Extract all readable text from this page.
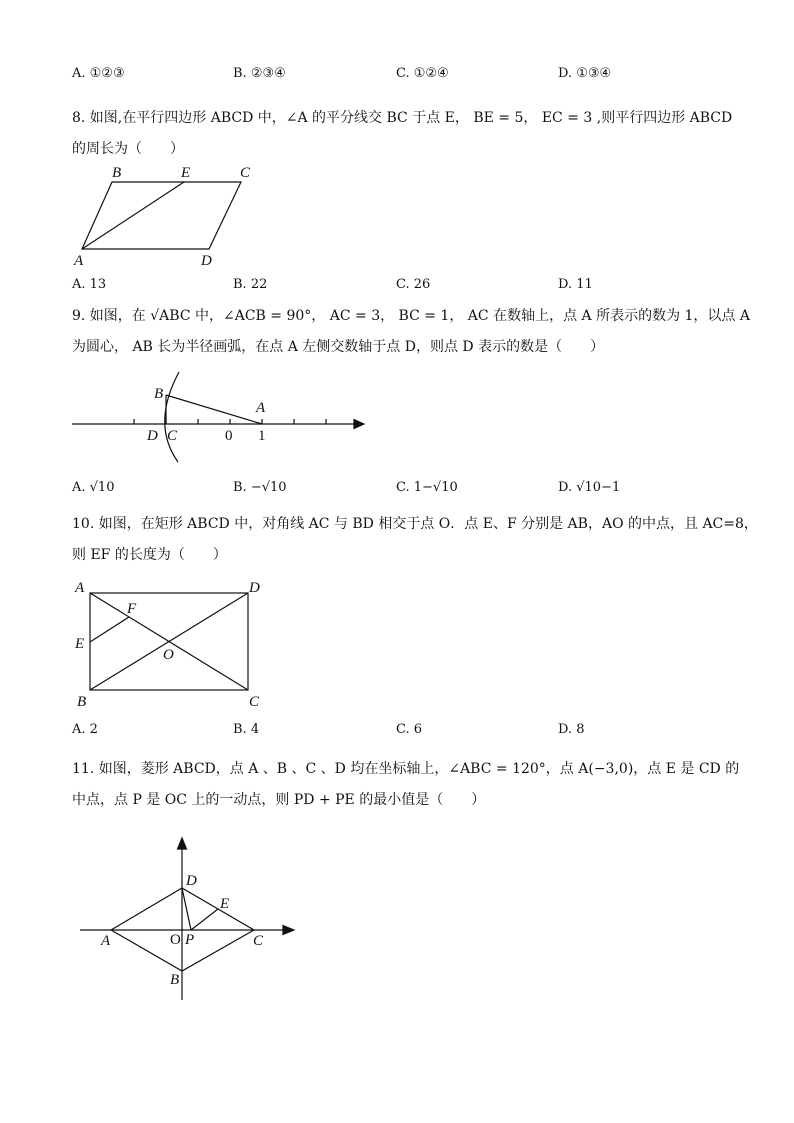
A. ①②③	B. ②③④	C. ①②④	D. ①③④
8. 如图,在平行四边形 ABCD 中，∠A 的平分线交 BC 于点 E， BE = 5， EC = 3 ,则平行四边形 ABCD
的周长为（　　）
B	E	C
A	D
A. 13	B. 22	C. 26	D. 11
9. 如图，在 √ABC 中，∠ACB = 90°， AC = 3， BC = 1， AC 在数轴上，点 A 所表示的数为 1，以点 A
为圆心， AB 长为半径画弧，在点 A 左侧交数轴于点 D，则点 D 表示的数是（　　）
B
A
D C	0 1
A. √10	B. −√10	C. 1−√10	D. √10−1
10. 如图，在矩形 ABCD 中，对角线 AC 与 BD 相交于点 O．点 E、F 分别是 AB，AO 的中点，且 AC=8，
则 EF 的长度为（　　）
A	D
F
E
O
B	C
A. 2	B. 4	C. 6	D. 8
11. 如图，菱形 ABCD，点 A 、B 、C 、D 均在坐标轴上，∠ABC = 120°，点 A(−3,0)，点 E 是 CD 的
中点，点 P 是 OC 上的一动点，则 PD + PE 的最小值是（　　）
D
E
A	O P	C
B
